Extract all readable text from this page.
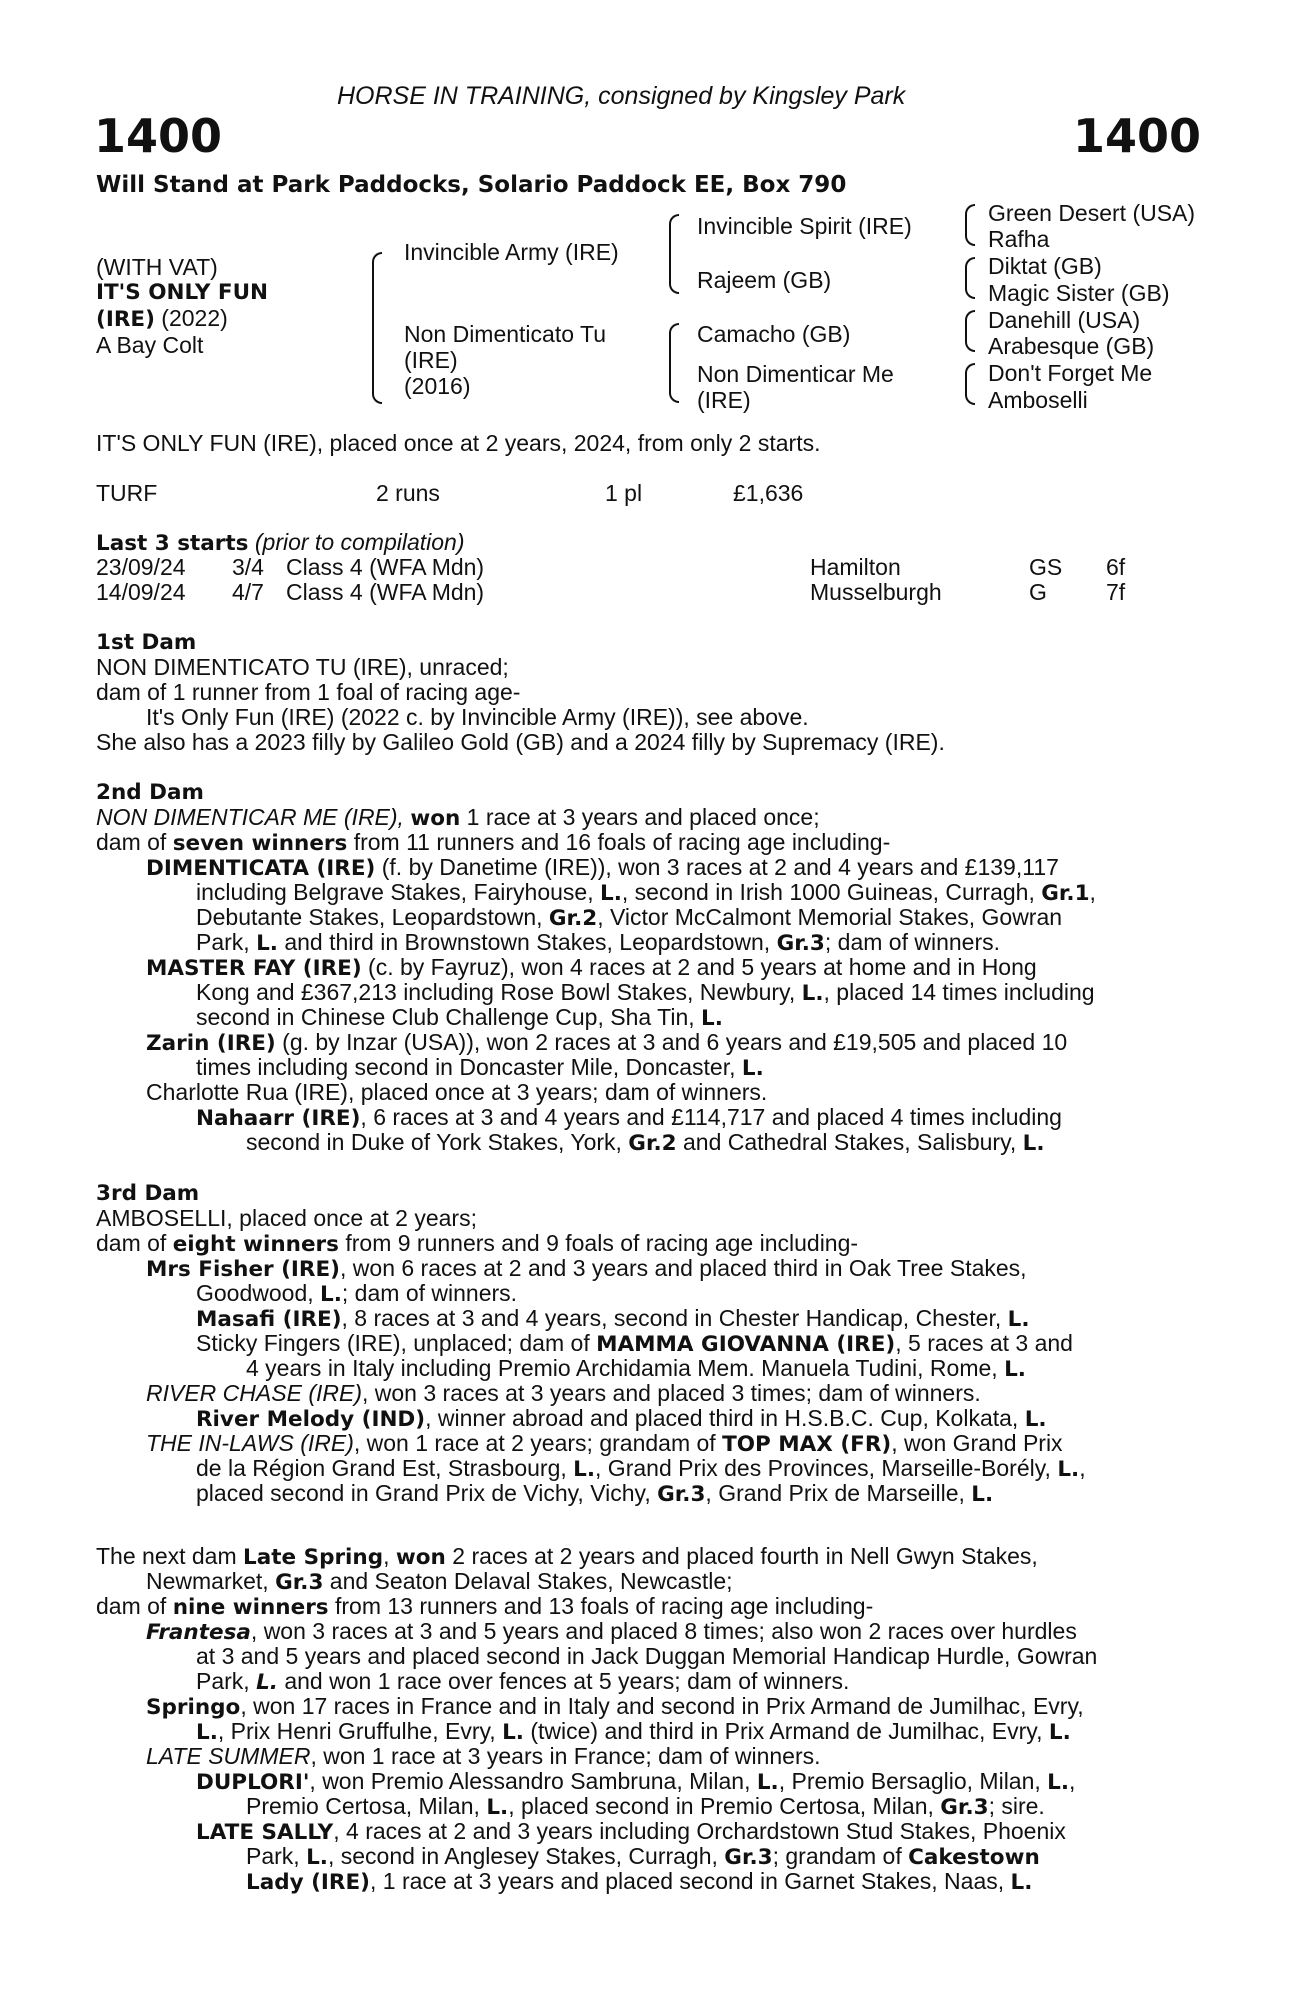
HORSE IN TRAINING, consigned by Kingsley Park
1400	1400
Will Stand at Park Paddocks, Solario Paddock EE, Box 790
(WITH VAT)
IT'S ONLY FUN
(IRE) (2022)
A Bay Colt
Invincible Army (IRE)
Non Dimenticato Tu
(IRE)
(2016)
Invincible Spirit (IRE)
Rajeem (GB)
Camacho (GB)
Non Dimenticar Me
(IRE)
Green Desert (USA)
Rafha
Diktat (GB)
Magic Sister (GB)
Danehill (USA)
Arabesque (GB)
Don't Forget Me
Amboselli
IT'S ONLY FUN (IRE), placed once at 2 years, 2024, from only 2 starts.
TURF	2 runs	1 pl	£1,636
Last 3 starts (prior to compilation)
23/09/24 3/4 Class 4 (WFA Mdn)	Hamilton	GS 6f
14/09/24 4/7 Class 4 (WFA Mdn)	Musselburgh	G	7f
1st Dam
NON DIMENTICATO TU (IRE), unraced;
dam of 1 runner from 1 foal of racing age-
It's Only Fun (IRE) (2022 c. by Invincible Army (IRE)), see above.
She also has a 2023 filly by Galileo Gold (GB) and a 2024 filly by Supremacy (IRE).
2nd Dam
NON DIMENTICAR ME (IRE), won 1 race at 3 years and placed once;
dam of seven winners from 11 runners and 16 foals of racing age including-
DIMENTICATA (IRE) (f. by Danetime (IRE)), won 3 races at 2 and 4 years and £139,117
including Belgrave Stakes, Fairyhouse, L., second in Irish 1000 Guineas, Curragh, Gr.1,
Debutante Stakes, Leopardstown, Gr.2, Victor McCalmont Memorial Stakes, Gowran
Park, L. and third in Brownstown Stakes, Leopardstown, Gr.3; dam of winners.
MASTER FAY (IRE) (c. by Fayruz), won 4 races at 2 and 5 years at home and in Hong
Kong and £367,213 including Rose Bowl Stakes, Newbury, L., placed 14 times including
second in Chinese Club Challenge Cup, Sha Tin, L.
Zarin (IRE) (g. by Inzar (USA)), won 2 races at 3 and 6 years and £19,505 and placed 10
times including second in Doncaster Mile, Doncaster, L.
Charlotte Rua (IRE), placed once at 3 years; dam of winners.
Nahaarr (IRE), 6 races at 3 and 4 years and £114,717 and placed 4 times including
second in Duke of York Stakes, York, Gr.2 and Cathedral Stakes, Salisbury, L.
3rd Dam
AMBOSELLI, placed once at 2 years;
dam of eight winners from 9 runners and 9 foals of racing age including-
Mrs Fisher (IRE), won 6 races at 2 and 3 years and placed third in Oak Tree Stakes,
Goodwood, L.; dam of winners.
Masafi (IRE), 8 races at 3 and 4 years, second in Chester Handicap, Chester, L.
Sticky Fingers (IRE), unplaced; dam of MAMMA GIOVANNA (IRE), 5 races at 3 and
4 years in Italy including Premio Archidamia Mem. Manuela Tudini, Rome, L.
RIVER CHASE (IRE), won 3 races at 3 years and placed 3 times; dam of winners.
River Melody (IND), winner abroad and placed third in H.S.B.C. Cup, Kolkata, L.
THE IN-LAWS (IRE), won 1 race at 2 years; grandam of TOP MAX (FR), won Grand Prix
de la Région Grand Est, Strasbourg, L., Grand Prix des Provinces, Marseille-Borély, L.,
placed second in Grand Prix de Vichy, Vichy, Gr.3, Grand Prix de Marseille, L.
The next dam Late Spring, won 2 races at 2 years and placed fourth in Nell Gwyn Stakes,
Newmarket, Gr.3 and Seaton Delaval Stakes, Newcastle;
dam of nine winners from 13 runners and 13 foals of racing age including-
Frantesa, won 3 races at 3 and 5 years and placed 8 times; also won 2 races over hurdles
at 3 and 5 years and placed second in Jack Duggan Memorial Handicap Hurdle, Gowran
Park, L. and won 1 race over fences at 5 years; dam of winners.
Springo, won 17 races in France and in Italy and second in Prix Armand de Jumilhac, Evry,
L., Prix Henri Gruffulhe, Evry, L. (twice) and third in Prix Armand de Jumilhac, Evry, L.
LATE SUMMER, won 1 race at 3 years in France; dam of winners.
DUPLORI', won Premio Alessandro Sambruna, Milan, L., Premio Bersaglio, Milan, L.,
Premio Certosa, Milan, L., placed second in Premio Certosa, Milan, Gr.3; sire.
LATE SALLY, 4 races at 2 and 3 years including Orchardstown Stud Stakes, Phoenix
Park, L., second in Anglesey Stakes, Curragh, Gr.3; grandam of Cakestown
Lady (IRE), 1 race at 3 years and placed second in Garnet Stakes, Naas, L.
